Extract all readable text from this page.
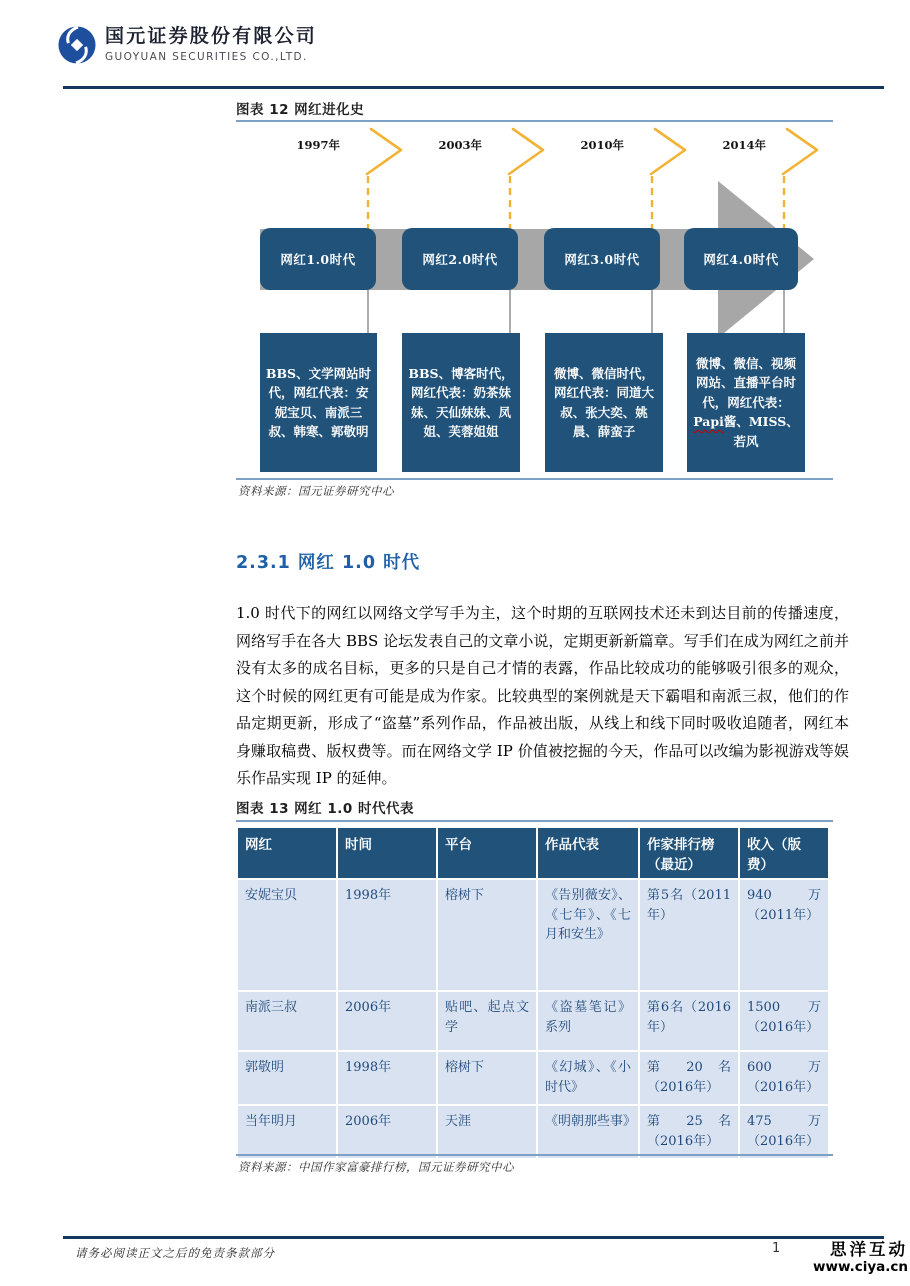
国元证券股份有限公司
GUOYUAN SECURITIES CO.,LTD.
图表 12 网红进化史
1997年	2003年	2010年	2014年
网红1.0时代	网红2.0时代	网红3.0时代	网红4.0时代
BBS、文学网站时代，网红代表：安妮宝贝、南派三叔、韩寒、郭敬明
BBS、博客时代，网红代表：奶茶妹妹、天仙妹妹、凤姐、芙蓉姐姐
微博、微信时代，网红代表：同道大叔、张大奕、姚晨、薛蛮子
微博、微信、视频网站、直播平台时代，网红代表：Papi酱、MISS、若风
资料来源：国元证券研究中心
2.3.1 网红 1.0 时代
1.0 时代下的网红以网络文学写手为主，这个时期的互联网技术还未到达目前的传播速度，网络写手在各大 BBS 论坛发表自己的文章小说，定期更新新篇章。写手们在成为网红之前并没有太多的成名目标，更多的只是自己才情的表露，作品比较成功的能够吸引很多的观众，这个时候的网红更有可能是成为作家。比较典型的案例就是天下霸唱和南派三叔，他们的作品定期更新，形成了“盗墓”系列作品，作品被出版，从线上和线下同时吸收追随者，网红本身赚取稿费、版权费等。而在网络文学 IP 价值被挖掘的今天，作品可以改编为影视游戏等娱乐作品实现 IP 的延伸。
图表 13 网红 1.0 时代代表
网红	时间	平台	作品代表	作家排行榜（最近）	收入（版费）
安妮宝贝	1998年	榕树下	《告别薇安》、《七年》、《七月和安生》	第5名（2011年）	940万（2011年）
南派三叔	2006年	贴吧、起点文学	《盗墓笔记》系列	第6名（2016年）	1500 万（2016年）
郭敬明	1998年	榕树下	《幻城》、《小时代》	第 20 名（2016年）	600万（2016年）
当年明月	2006年	天涯	《明朝那些事》	第 25 名（2016年）	475万（2016年）
资料来源：中国作家富豪排行榜，国元证券研究中心
请务必阅读正文之后的免责条款部分	1	思洋互动
www.ciya.cn
